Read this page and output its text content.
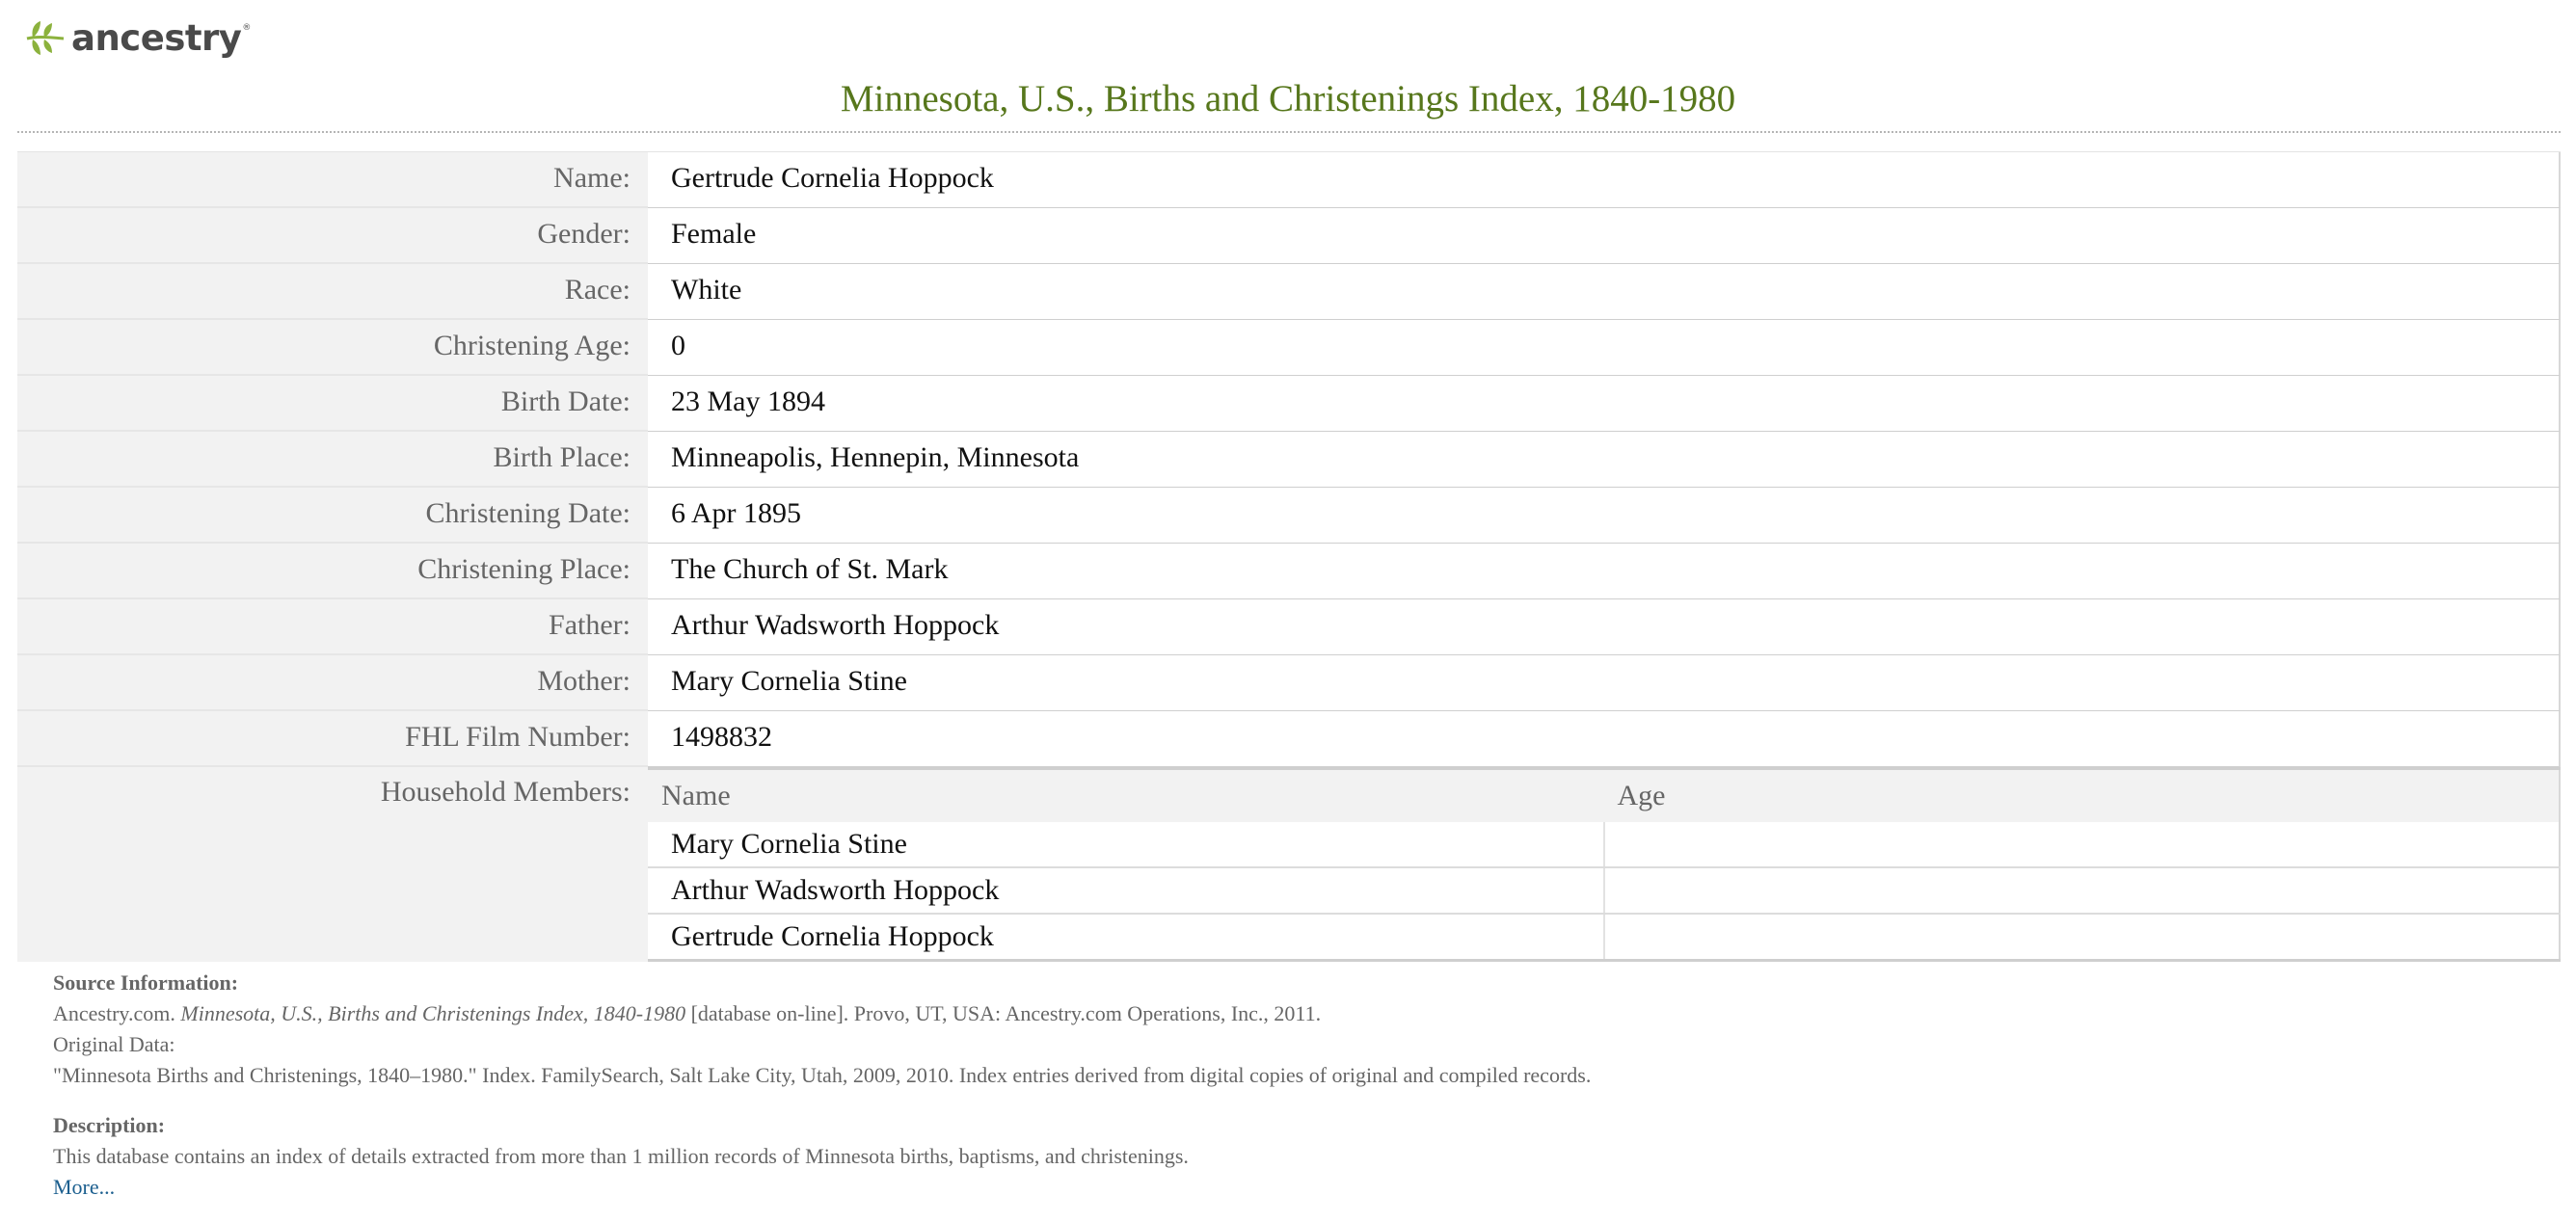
ancestry ®
Minnesota, U.S., Births and Christenings Index, 1840-1980
Name:	Gertrude Cornelia Hoppock
Gender:	Female
Race:	White
Christening Age:	0
Birth Date:	23 May 1894
Birth Place:	Minneapolis, Hennepin, Minnesota
Christening Date:	6 Apr 1895
Christening Place:	The Church of St. Mark
Father:	Arthur Wadsworth Hoppock
Mother:	Mary Cornelia Stine
FHL Film Number:	1498832
Household Members:	Name	Age
Mary Cornelia Stine	
Arthur Wadsworth Hoppock	
Gertrude Cornelia Hoppock	
Source Information:
Ancestry.com. Minnesota, U.S., Births and Christenings Index, 1840-1980 [database on-line]. Provo, UT, USA: Ancestry.com Operations, Inc., 2011.
Original Data:
"Minnesota Births and Christenings, 1840–1980." Index. FamilySearch, Salt Lake City, Utah, 2009, 2010. Index entries derived from digital copies of original and compiled records.
Description:
This database contains an index of details extracted from more than 1 million records of Minnesota births, baptisms, and christenings.
More...
